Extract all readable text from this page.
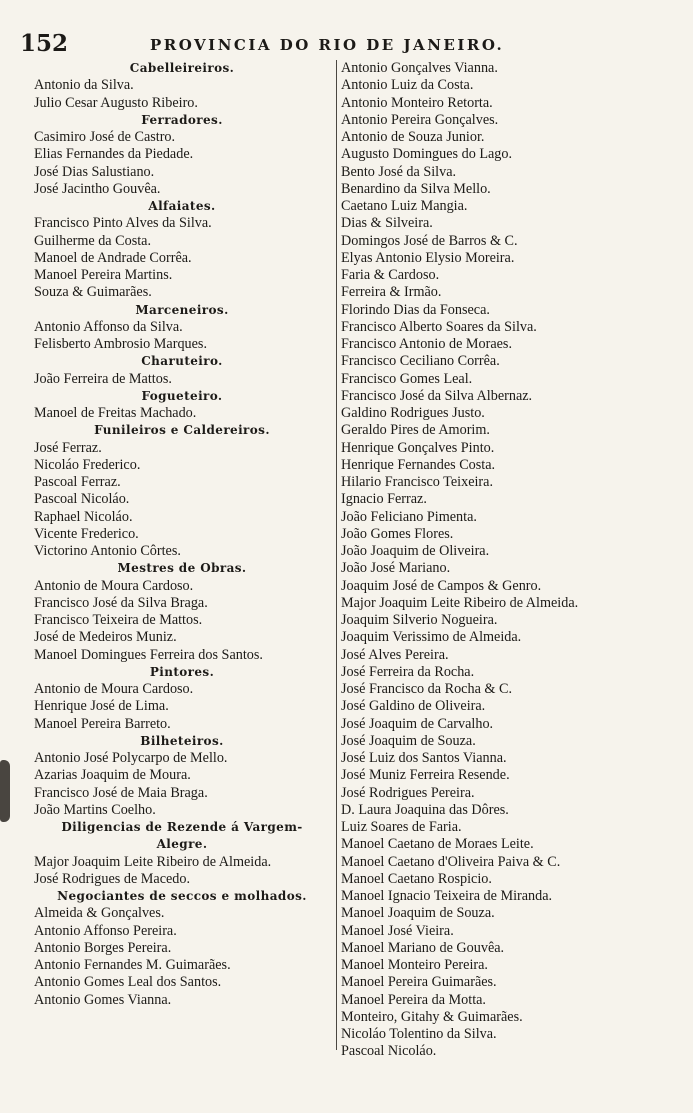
152	PROVINCIA DO RIO DE JANEIRO.
Cabelleireiros.
Antonio da Silva.
Julio Cesar Augusto Ribeiro.
Ferradores.
Casimiro José de Castro.
Elias Fernandes da Piedade.
José Dias Salustiano.
José Jacintho Gouvêa.
Alfaiates.
Francisco Pinto Alves da Silva.
Guilherme da Costa.
Manoel de Andrade Corrêa.
Manoel Pereira Martins.
Souza & Guimarães.
Marceneiros.
Antonio Affonso da Silva.
Felisberto Ambrosio Marques.
Charuteiro.
João Ferreira de Mattos.
Fogueteiro.
Manoel de Freitas Machado.
Funileiros e Caldereiros.
José Ferraz.
Nicoláo Frederico.
Pascoal Ferraz.
Pascoal Nicoláo.
Raphael Nicoláo.
Vicente Frederico.
Victorino Antonio Côrtes.
Mestres de Obras.
Antonio de Moura Cardoso.
Francisco José da Silva Braga.
Francisco Teixeira de Mattos.
José de Medeiros Muniz.
Manoel Domingues Ferreira dos Santos.
Pintores.
Antonio de Moura Cardoso.
Henrique José de Lima.
Manoel Pereira Barreto.
Bilheteiros.
Antonio José Polycarpo de Mello.
Azarias Joaquim de Moura.
Francisco José de Maia Braga.
João Martins Coelho.
Diligencias de Rezende á Vargem-
Alegre.
Major Joaquim Leite Ribeiro de Almeida.
José Rodrigues de Macedo.
Negociantes de seccos e molhados.
Almeida & Gonçalves.
Antonio Affonso Pereira.
Antonio Borges Pereira.
Antonio Fernandes M. Guimarães.
Antonio Gomes Leal dos Santos.
Antonio Gomes Vianna.
Antonio Gonçalves Vianna.
Antonio Luiz da Costa.
Antonio Monteiro Retorta.
Antonio Pereira Gonçalves.
Antonio de Souza Junior.
Augusto Domingues do Lago.
Bento José da Silva.
Benardino da Silva Mello.
Caetano Luiz Mangia.
Dias & Silveira.
Domingos José de Barros & C.
Elyas Antonio Elysio Moreira.
Faria & Cardoso.
Ferreira & Irmão.
Florindo Dias da Fonseca.
Francisco Alberto Soares da Silva.
Francisco Antonio de Moraes.
Francisco Ceciliano Corrêa.
Francisco Gomes Leal.
Francisco José da Silva Albernaz.
Galdino Rodrigues Justo.
Geraldo Pires de Amorim.
Henrique Gonçalves Pinto.
Henrique Fernandes Costa.
Hilario Francisco Teixeira.
Ignacio Ferraz.
João Feliciano Pimenta.
João Gomes Flores.
João Joaquim de Oliveira.
João José Mariano.
Joaquim José de Campos & Genro.
Major Joaquim Leite Ribeiro de Almeida.
Joaquim Silverio Nogueira.
Joaquim Verissimo de Almeida.
José Alves Pereira.
José Ferreira da Rocha.
José Francisco da Rocha & C.
José Galdino de Oliveira.
José Joaquim de Carvalho.
José Joaquim de Souza.
José Luiz dos Santos Vianna.
José Muniz Ferreira Resende.
José Rodrigues Pereira.
D. Laura Joaquina das Dôres.
Luiz Soares de Faria.
Manoel Caetano de Moraes Leite.
Manoel Caetano d'Oliveira Paiva & C.
Manoel Caetano Rospicio.
Manoel Ignacio Teixeira de Miranda.
Manoel Joaquim de Souza.
Manoel José Vieira.
Manoel Mariano de Gouvêa.
Manoel Monteiro Pereira.
Manoel Pereira Guimarães.
Manoel Pereira da Motta.
Monteiro, Gitahy & Guimarães.
Nicoláo Tolentino da Silva.
Pascoal Nicoláo.
